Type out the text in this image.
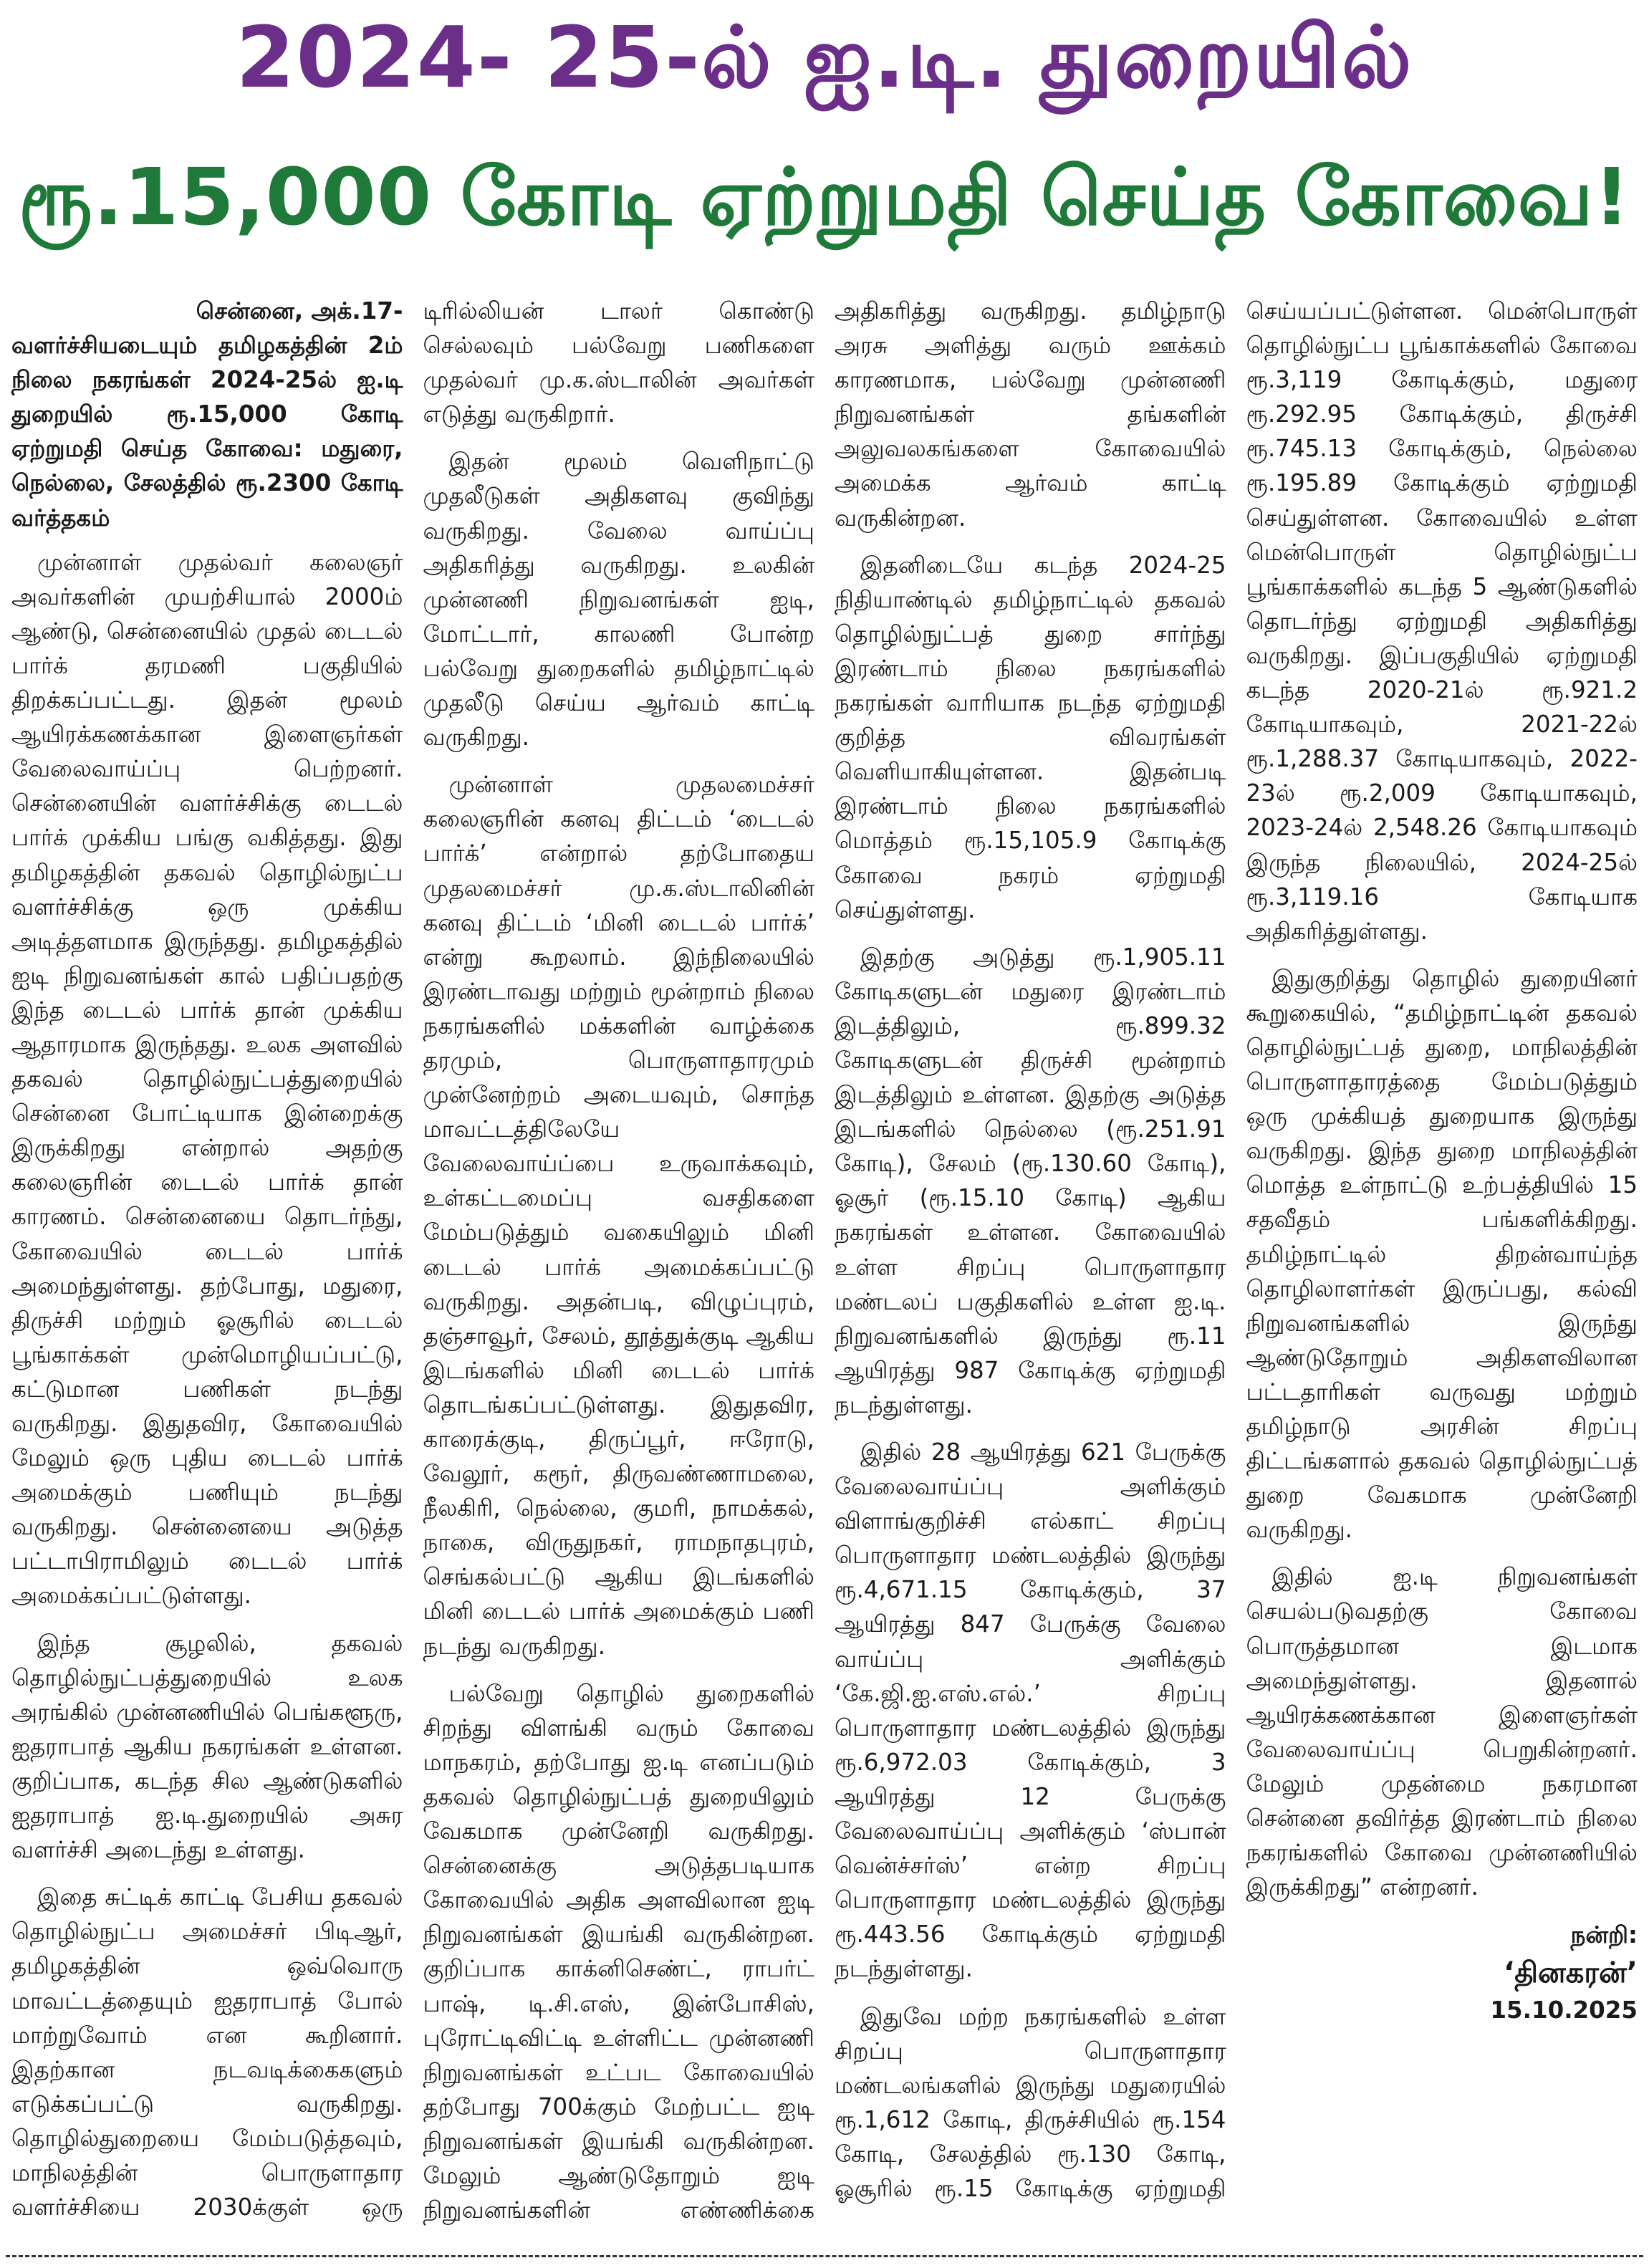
2024- 25-ல் ஐ.டி. துறையில்
ரூ.15,000 கோடி ஏற்றுமதி செய்த கோவை!
சென்னை, அக்.17-
வளர்ச்சியடையும் தமிழகத்தின் 2ம் நிலை நகரங்கள் 2024-25ல் ஐ.டி துறையில் ரூ.15,000 கோடி ஏற்றுமதி செய்த கோவை: மதுரை, நெல்லை, சேலத்தில் ரூ.2300 கோடி வர்த்தகம்

முன்னாள் முதல்வர் கலைஞர் அவர்களின் முயற்சியால் 2000ம் ஆண்டு, சென்னையில் முதல் டைடல் பார்க் தரமணி பகுதியில் திறக்கப்பட்டது. இதன் மூலம் ஆயிரக்கணக்கான இளைஞர்கள் வேலைவாய்ப்பு பெற்றனர். சென்னையின் வளர்ச்சிக்கு டைடல் பார்க் முக்கிய பங்கு வகித்தது. இது தமிழகத்தின் தகவல் தொழில்நுட்ப வளர்ச்சிக்கு ஒரு முக்கிய அடித்தளமாக இருந்தது. தமிழகத்தில் ஐடி நிறுவனங்கள் கால் பதிப்பதற்கு இந்த டைடல் பார்க் தான் முக்கிய ஆதாரமாக இருந்தது. உலக அளவில் தகவல் தொழில்நுட்பத்துறையில் சென்னை போட்டியாக இன்றைக்கு இருக்கிறது என்றால் அதற்கு கலைஞரின் டைடல் பார்க் தான் காரணம். சென்னையை தொடர்ந்து, கோவையில் டைடல் பார்க் அமைந்துள்ளது. தற்போது, மதுரை, திருச்சி மற்றும் ஓசூரில் டைடல் பூங்காக்கள் முன்மொழியப்பட்டு, கட்டுமான பணிகள் நடந்து வருகிறது. இதுதவிர, கோவையில் மேலும் ஒரு புதிய டைடல் பார்க் அமைக்கும் பணியும் நடந்து வருகிறது. சென்னையை அடுத்த பட்டாபிராமிலும் டைடல் பார்க் அமைக்கப்பட்டுள்ளது.

இந்த சூழலில், தகவல் தொழில்நுட்பத்துறையில் உலக அரங்கில் முன்னணியில் பெங்களூரு, ஐதராபாத் ஆகிய நகரங்கள் உள்ளன. குறிப்பாக, கடந்த சில ஆண்டுகளில் ஐதராபாத் ஐ.டி.துறையில் அசுர வளர்ச்சி அடைந்து உள்ளது.

இதை சுட்டிக் காட்டி பேசிய தகவல் தொழில்நுட்ப அமைச்சர் பிடிஆர், தமிழகத்தின் ஒவ்வொரு மாவட்டத்தையும் ஐதராபாத் போல் மாற்றுவோம் என கூறினார். இதற்கான நடவடிக்கைகளும் எடுக்கப்பட்டு வருகிறது. தொழில்துறையை மேம்படுத்தவும், மாநிலத்தின் பொருளாதார வளர்ச்சியை 2030க்குள் ஒரு டிரில்லியன் டாலர் கொண்டு செல்லவும் பல்வேறு பணிகளை முதல்வர் மு.க.ஸ்டாலின் அவர்கள் எடுத்து வருகிறார்.

இதன் மூலம் வெளிநாட்டு முதலீடுகள் அதிகளவு குவிந்து வருகிறது. வேலை வாய்ப்பு அதிகரித்து வருகிறது. உலகின் முன்னணி நிறுவனங்கள் ஐடி, மோட்டார், காலணி போன்ற பல்வேறு துறைகளில் தமிழ்நாட்டில் முதலீடு செய்ய ஆர்வம் காட்டி வருகிறது.

முன்னாள் முதலமைச்சர் கலைஞரின் கனவு திட்டம் ‘டைடல் பார்க்’ என்றால் தற்போதைய முதலமைச்சர் மு.க.ஸ்டாலினின் கனவு திட்டம் ‘மினி டைடல் பார்க்’ என்று கூறலாம். இந்நிலையில் இரண்டாவது மற்றும் மூன்றாம் நிலை நகரங்களில் மக்களின் வாழ்க்கை தரமும், பொருளாதாரமும் முன்னேற்றம் அடையவும், சொந்த மாவட்டத்திலேயே வேலைவாய்ப்பை உருவாக்கவும், உள்கட்டமைப்பு வசதிகளை மேம்படுத்தும் வகையிலும் மினி டைடல் பார்க் அமைக்கப்பட்டு வருகிறது. அதன்படி, விழுப்புரம், தஞ்சாவூர், சேலம், தூத்துக்குடி ஆகிய இடங்களில் மினி டைடல் பார்க் தொடங்கப்பட்டுள்ளது. இதுதவிர, காரைக்குடி, திருப்பூர், ஈரோடு, வேலூர், கரூர், திருவண்ணாமலை, நீலகிரி, நெல்லை, குமரி, நாமக்கல், நாகை, விருதுநகர், ராமநாதபுரம், செங்கல்பட்டு ஆகிய இடங்களில் மினி டைடல் பார்க் அமைக்கும் பணி நடந்து வருகிறது.

பல்வேறு தொழில் துறைகளில் சிறந்து விளங்கி வரும் கோவை மாநகரம், தற்போது ஐ.டி எனப்படும் தகவல் தொழில்நுட்பத் துறையிலும் வேகமாக முன்னேறி வருகிறது. சென்னைக்கு அடுத்தபடியாக கோவையில் அதிக அளவிலான ஐடி நிறுவனங்கள் இயங்கி வருகின்றன. குறிப்பாக காக்னிசெண்ட், ராபர்ட் பாஷ், டி.சி.எஸ், இன்போசிஸ், புரோட்டிவிட்டி உள்ளிட்ட முன்னணி நிறுவனங்கள் உட்பட கோவையில் தற்போது 700க்கும் மேற்பட்ட ஐடி நிறுவனங்கள் இயங்கி வருகின்றன. மேலும் ஆண்டுதோறும் ஐடி நிறுவனங்களின் எண்ணிக்கை அதிகரித்து வருகிறது. தமிழ்நாடு அரசு அளித்து வரும் ஊக்கம் காரணமாக, பல்வேறு முன்னணி நிறுவனங்கள் தங்களின் அலுவலகங்களை கோவையில் அமைக்க ஆர்வம் காட்டி வருகின்றன.

இதனிடையே கடந்த 2024-25 நிதியாண்டில் தமிழ்நாட்டில் தகவல் தொழில்நுட்பத் துறை சார்ந்து இரண்டாம் நிலை நகரங்களில் நகரங்கள் வாரியாக நடந்த ஏற்றுமதி குறித்த விவரங்கள் வெளியாகியுள்ளன. இதன்படி இரண்டாம் நிலை நகரங்களில் மொத்தம் ரூ.15,105.9 கோடிக்கு கோவை நகரம் ஏற்றுமதி செய்துள்ளது.

இதற்கு அடுத்து ரூ.1,905.11 கோடிகளுடன் மதுரை இரண்டாம் இடத்திலும், ரூ.899.32 கோடிகளுடன் திருச்சி மூன்றாம் இடத்திலும் உள்ளன. இதற்கு அடுத்த இடங்களில் நெல்லை (ரூ.251.91 கோடி), சேலம் (ரூ.130.60 கோடி), ஓசூர் (ரூ.15.10 கோடி) ஆகிய நகரங்கள் உள்ளன. கோவையில் உள்ள சிறப்பு பொருளாதார மண்டலப் பகுதிகளில் உள்ள ஐ.டி. நிறுவனங்களில் இருந்து ரூ.11 ஆயிரத்து 987 கோடிக்கு ஏற்றுமதி நடந்துள்ளது.

இதில் 28 ஆயிரத்து 621 பேருக்கு வேலைவாய்ப்பு அளிக்கும் விளாங்குறிச்சி எல்காட் சிறப்பு பொருளாதார மண்டலத்தில் இருந்து ரூ.4,671.15 கோடிக்கும், 37 ஆயிரத்து 847 பேருக்கு வேலை வாய்ப்பு அளிக்கும் ‘கே.ஜி.ஐ.எஸ்.எல்.’ சிறப்பு பொருளாதார மண்டலத்தில் இருந்து ரூ.6,972.03 கோடிக்கும், 3 ஆயிரத்து 12 பேருக்கு வேலைவாய்ப்பு அளிக்கும் ‘ஸ்பான் வென்ச்சர்ஸ்’ என்ற சிறப்பு பொருளாதார மண்டலத்தில் இருந்து ரூ.443.56 கோடிக்கும் ஏற்றுமதி நடந்துள்ளது.

இதுவே மற்ற நகரங்களில் உள்ள சிறப்பு பொருளாதார மண்டலங்களில் இருந்து மதுரையில் ரூ.1,612 கோடி, திருச்சியில் ரூ.154 கோடி, சேலத்தில் ரூ.130 கோடி, ஓசூரில் ரூ.15 கோடிக்கு ஏற்றுமதி செய்யப்பட்டுள்ளன. மென்பொருள் தொழில்நுட்ப பூங்காக்களில் கோவை ரூ.3,119 கோடிக்கும், மதுரை ரூ.292.95 கோடிக்கும், திருச்சி ரூ.745.13 கோடிக்கும், நெல்லை ரூ.195.89 கோடிக்கும் ஏற்றுமதி செய்துள்ளன. கோவையில் உள்ள மென்பொருள் தொழில்நுட்ப பூங்காக்களில் கடந்த 5 ஆண்டுகளில் தொடர்ந்து ஏற்றுமதி அதிகரித்து வருகிறது. இப்பகுதியில் ஏற்றுமதி கடந்த 2020-21ல் ரூ.921.2 கோடியாகவும், 2021-22ல் ரூ.1,288.37 கோடியாகவும், 2022-23ல் ரூ.2,009 கோடியாகவும், 2023-24ல் 2,548.26 கோடியாகவும் இருந்த நிலையில், 2024-25ல் ரூ.3,119.16 கோடியாக அதிகரித்துள்ளது.

இதுகுறித்து தொழில் துறையினர் கூறுகையில், “தமிழ்நாட்டின் தகவல் தொழில்நுட்பத் துறை, மாநிலத்தின் பொருளாதாரத்தை மேம்படுத்தும் ஒரு முக்கியத் துறையாக இருந்து வருகிறது. இந்த துறை மாநிலத்தின் மொத்த உள்நாட்டு உற்பத்தியில் 15 சதவீதம் பங்களிக்கிறது. தமிழ்நாட்டில் திறன்வாய்ந்த தொழிலாளர்கள் இருப்பது, கல்வி நிறுவனங்களில் இருந்து ஆண்டுதோறும் அதிகளவிலான பட்டதாரிகள் வருவது மற்றும் தமிழ்நாடு அரசின் சிறப்பு திட்டங்களால் தகவல் தொழில்நுட்பத் துறை வேகமாக முன்னேறி வருகிறது.

இதில் ஐ.டி நிறுவனங்கள் செயல்படுவதற்கு கோவை பொருத்தமான இடமாக அமைந்துள்ளது. இதனால் ஆயிரக்கணக்கான இளைஞர்கள் வேலைவாய்ப்பு பெறுகின்றனர். மேலும் முதன்மை நகரமான சென்னை தவிர்த்த இரண்டாம் நிலை நகரங்களில் கோவை முன்னணியில் இருக்கிறது” என்றனர்.

நன்றி:
‘தினகரன்’
15.10.2025
